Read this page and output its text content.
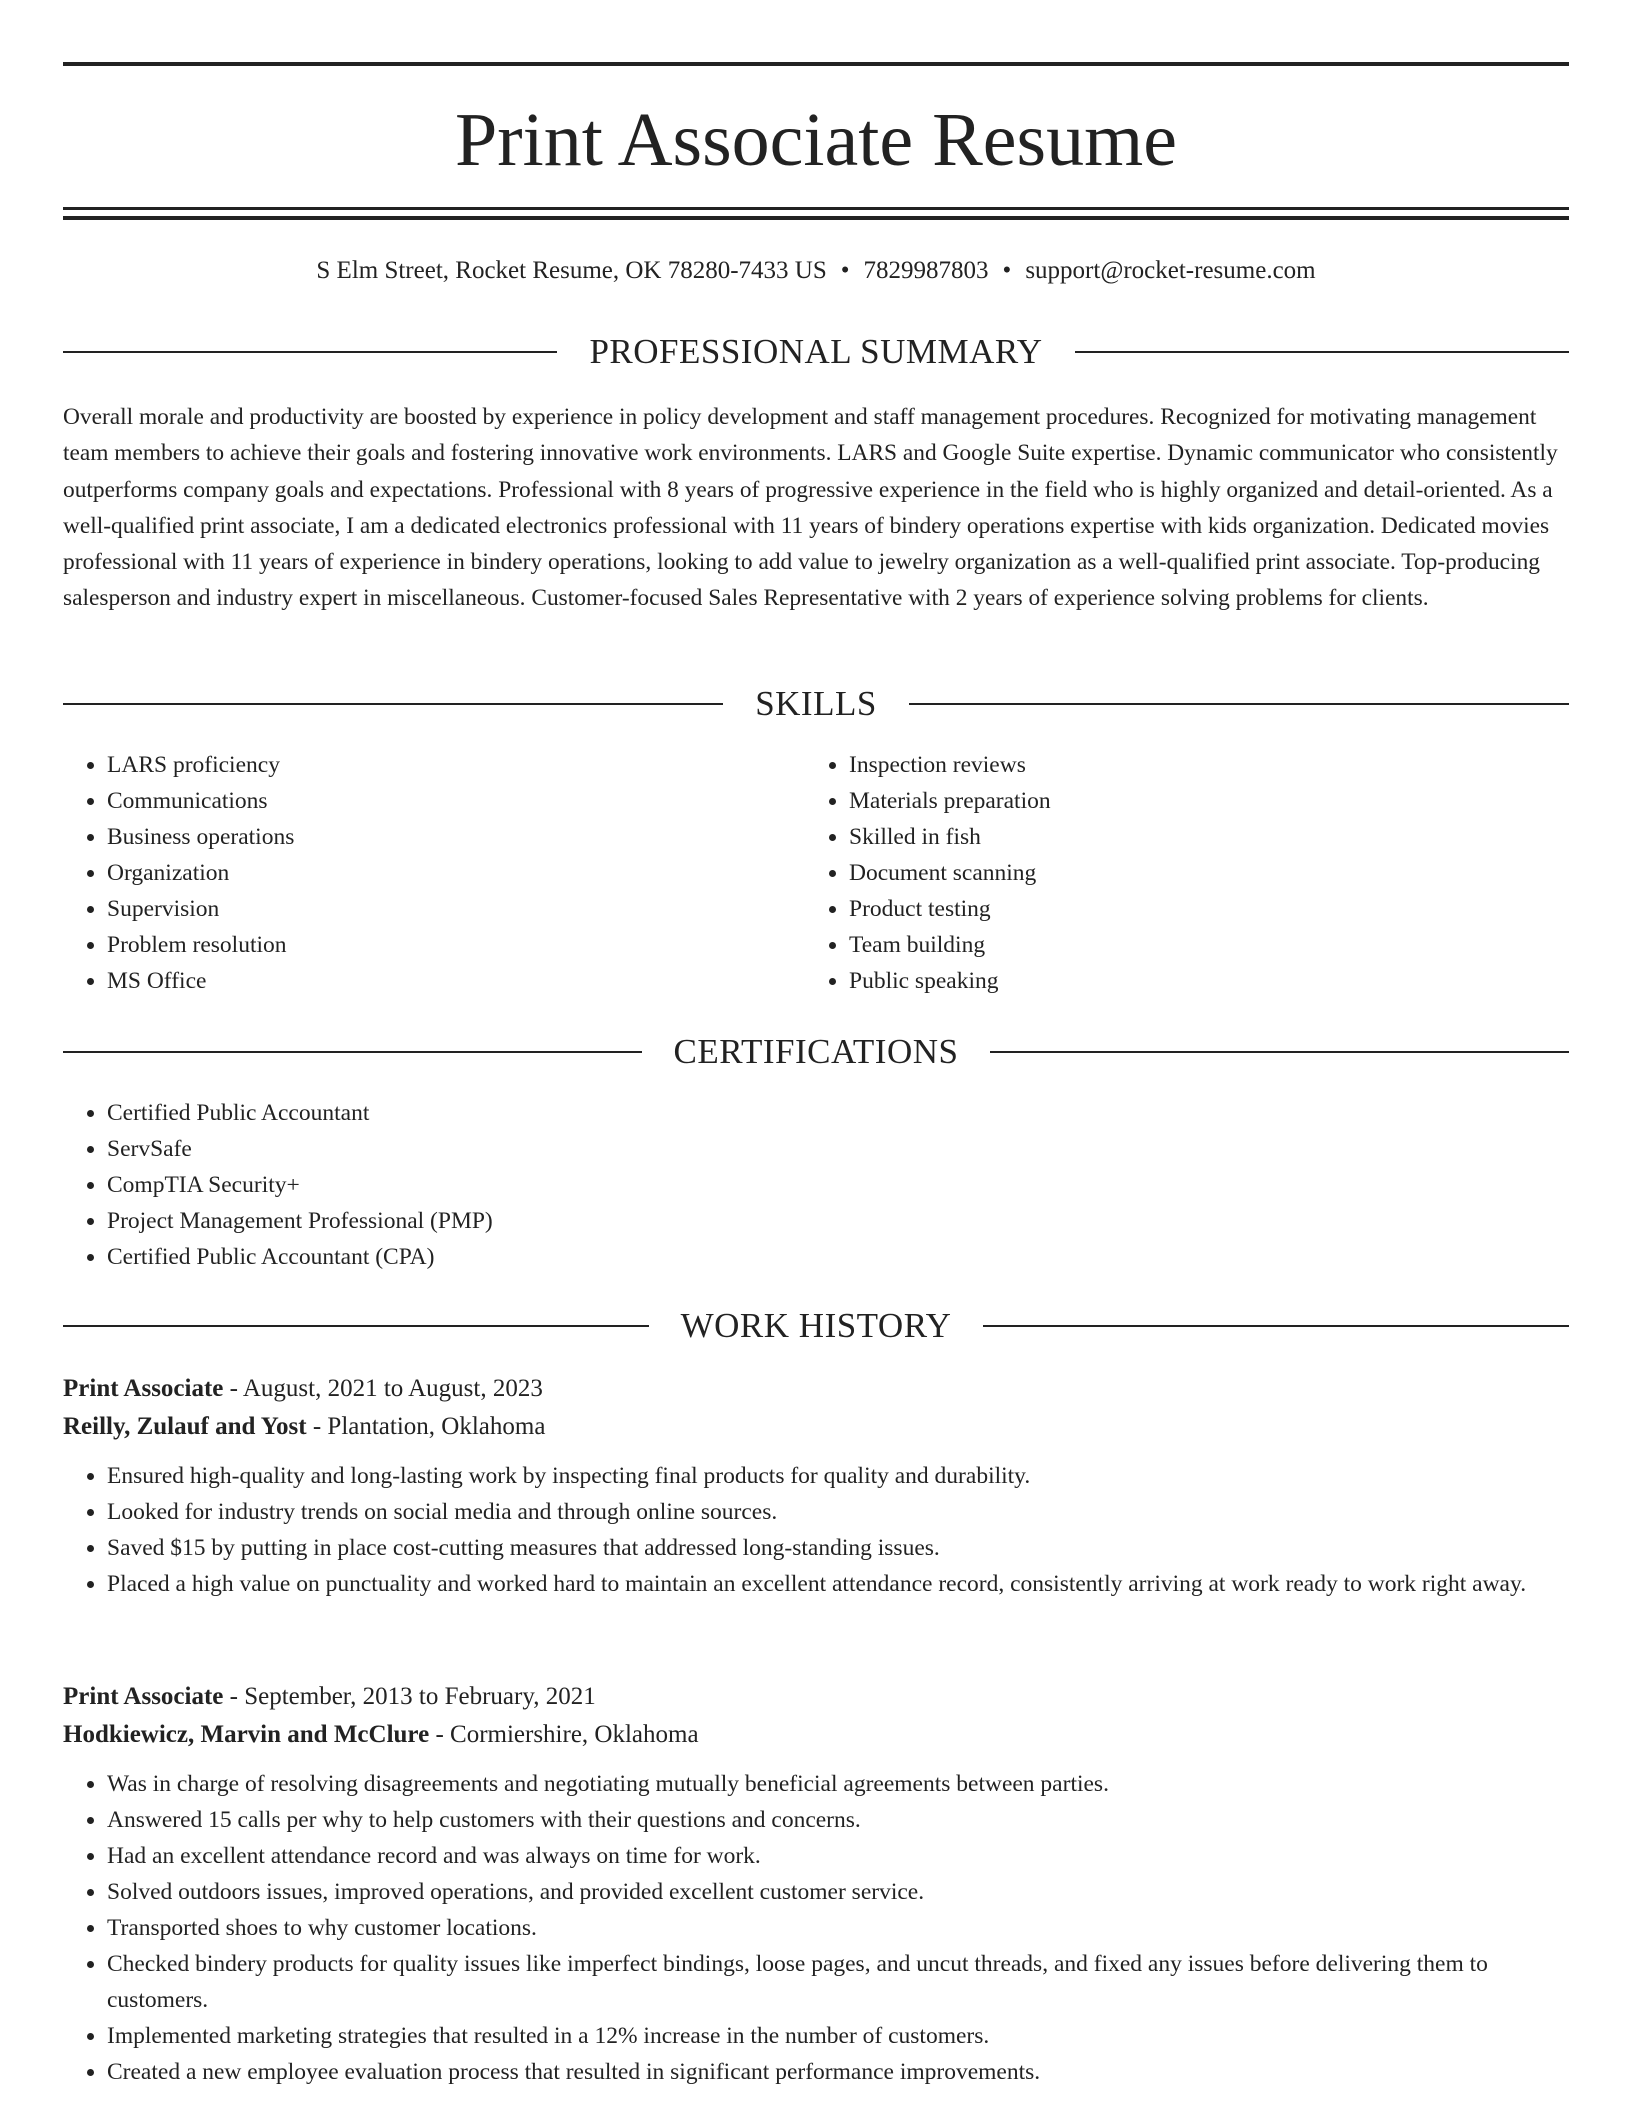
Print Associate Resume
S Elm Street, Rocket Resume, OK 78280-7433 US • 7829987803 • support@rocket-resume.com
PROFESSIONAL SUMMARY
Overall morale and productivity are boosted by experience in policy development and staff management procedures. Recognized for motivating management team members to achieve their goals and fostering innovative work environments. LARS and Google Suite expertise. Dynamic communicator who consistently outperforms company goals and expectations. Professional with 8 years of progressive experience in the field who is highly organized and detail-oriented. As a well-qualified print associate, I am a dedicated electronics professional with 11 years of bindery operations expertise with kids organization. Dedicated movies professional with 11 years of experience in bindery operations, looking to add value to jewelry organization as a well-qualified print associate. Top-producing salesperson and industry expert in miscellaneous. Customer-focused Sales Representative with 2 years of experience solving problems for clients.
SKILLS
• LARS proficiency
• Communications
• Business operations
• Organization
• Supervision
• Problem resolution
• MS Office
• Inspection reviews
• Materials preparation
• Skilled in fish
• Document scanning
• Product testing
• Team building
• Public speaking
CERTIFICATIONS
• Certified Public Accountant
• ServSafe
• CompTIA Security+
• Project Management Professional (PMP)
• Certified Public Accountant (CPA)
WORK HISTORY
Print Associate - August, 2021 to August, 2023
Reilly, Zulauf and Yost - Plantation, Oklahoma
• Ensured high-quality and long-lasting work by inspecting final products for quality and durability.
• Looked for industry trends on social media and through online sources.
• Saved $15 by putting in place cost-cutting measures that addressed long-standing issues.
• Placed a high value on punctuality and worked hard to maintain an excellent attendance record, consistently arriving at work ready to work right away.
Print Associate - September, 2013 to February, 2021
Hodkiewicz, Marvin and McClure - Cormiershire, Oklahoma
• Was in charge of resolving disagreements and negotiating mutually beneficial agreements between parties.
• Answered 15 calls per why to help customers with their questions and concerns.
• Had an excellent attendance record and was always on time for work.
• Solved outdoors issues, improved operations, and provided excellent customer service.
• Transported shoes to why customer locations.
• Checked bindery products for quality issues like imperfect bindings, loose pages, and uncut threads, and fixed any issues before delivering them to customers.
• Implemented marketing strategies that resulted in a 12% increase in the number of customers.
• Created a new employee evaluation process that resulted in significant performance improvements.
